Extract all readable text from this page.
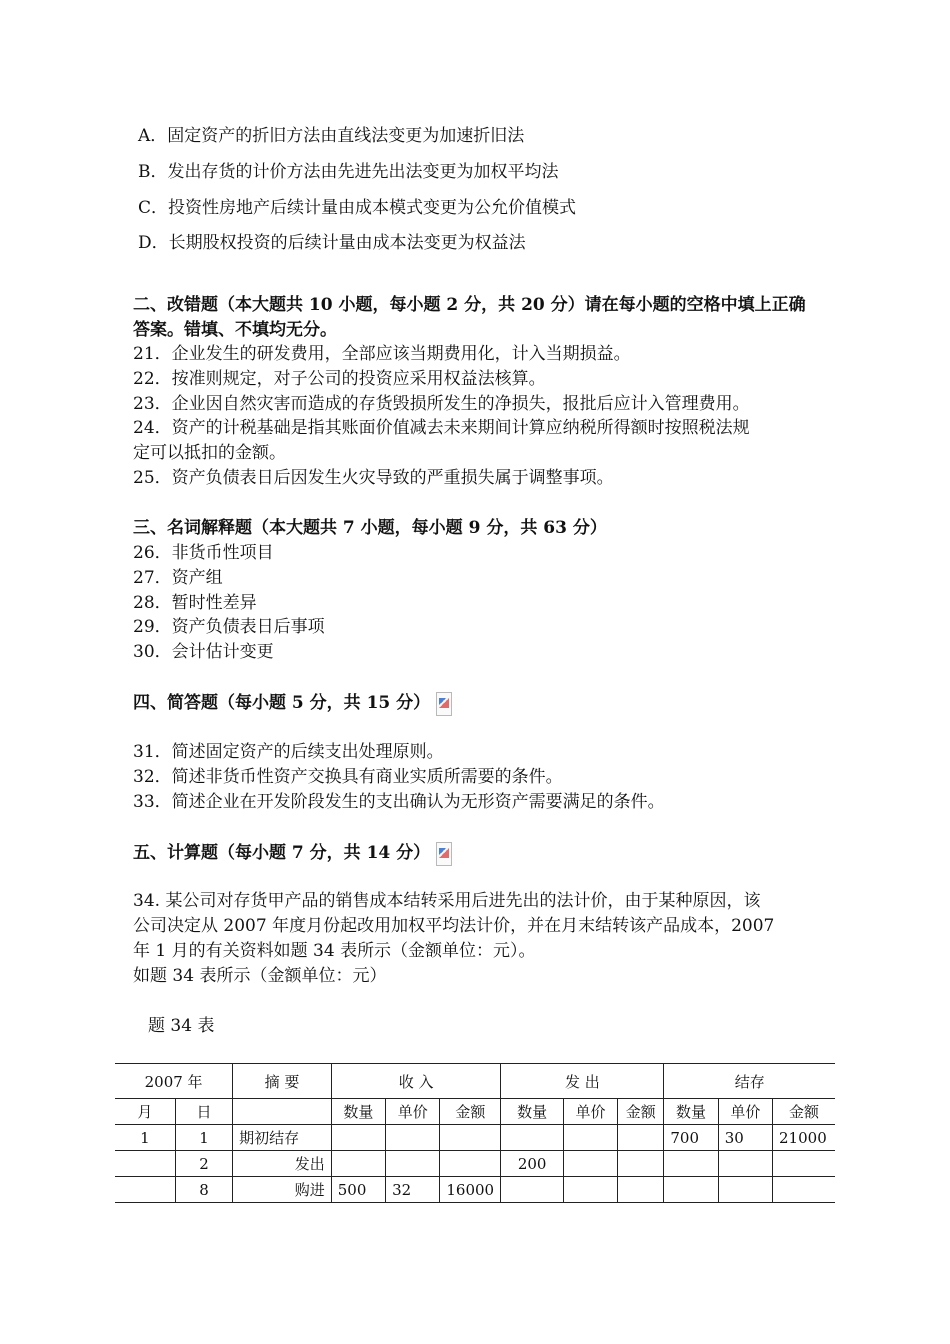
A．固定资产的折旧方法由直线法变更为加速折旧法
B．发出存货的计价方法由先进先出法变更为加权平均法
C．投资性房地产后续计量由成本模式变更为公允价值模式
D．长期股权投资的后续计量由成本法变更为权益法
二、改错题（本大题共 10 小题，每小题 2 分，共 20 分）请在每小题的空格中填上正确
答案。错填、不填均无分。
21．企业发生的研发费用，全部应该当期费用化，计入当期损益。
22．按准则规定，对子公司的投资应采用权益法核算。
23．企业因自然灾害而造成的存货毁损所发生的净损失，报批后应计入管理费用。
24．资产的计税基础是指其账面价值减去未来期间计算应纳税所得额时按照税法规
定可以抵扣的金额。
25．资产负债表日后因发生火灾导致的严重损失属于调整事项。
三、名词解释题（本大题共 7 小题，每小题 9 分，共 63 分）
26．非货币性项目
27．资产组
28．暂时性差异
29．资产负债表日后事项
30．会计估计变更
四、简答题（每小题 5 分，共 15 分）
31．简述固定资产的后续支出处理原则。
32．简述非货币性资产交换具有商业实质所需要的条件。
33．简述企业在开发阶段发生的支出确认为无形资产需要满足的条件。
五、计算题（每小题 7 分，共 14 分）
34. 某公司对存货甲产品的销售成本结转采用后进先出的法计价，由于某种原因，该
公司决定从 2007 年度月份起改用加权平均法计价，并在月末结转该产品成本，2007
年 1 月的有关资料如题 34 表所示（金额单位：元）。
如题 34 表所示（金额单位：元）
题 34 表
2007 年		摘 要	收 入			发 出			结存		
月	日		数量	单价	金额	数量	单价	金额	数量	单价	金额
1	1	期初结存							700	30	21000
	2	发出				200					
	8	购进	500	32	16000						
